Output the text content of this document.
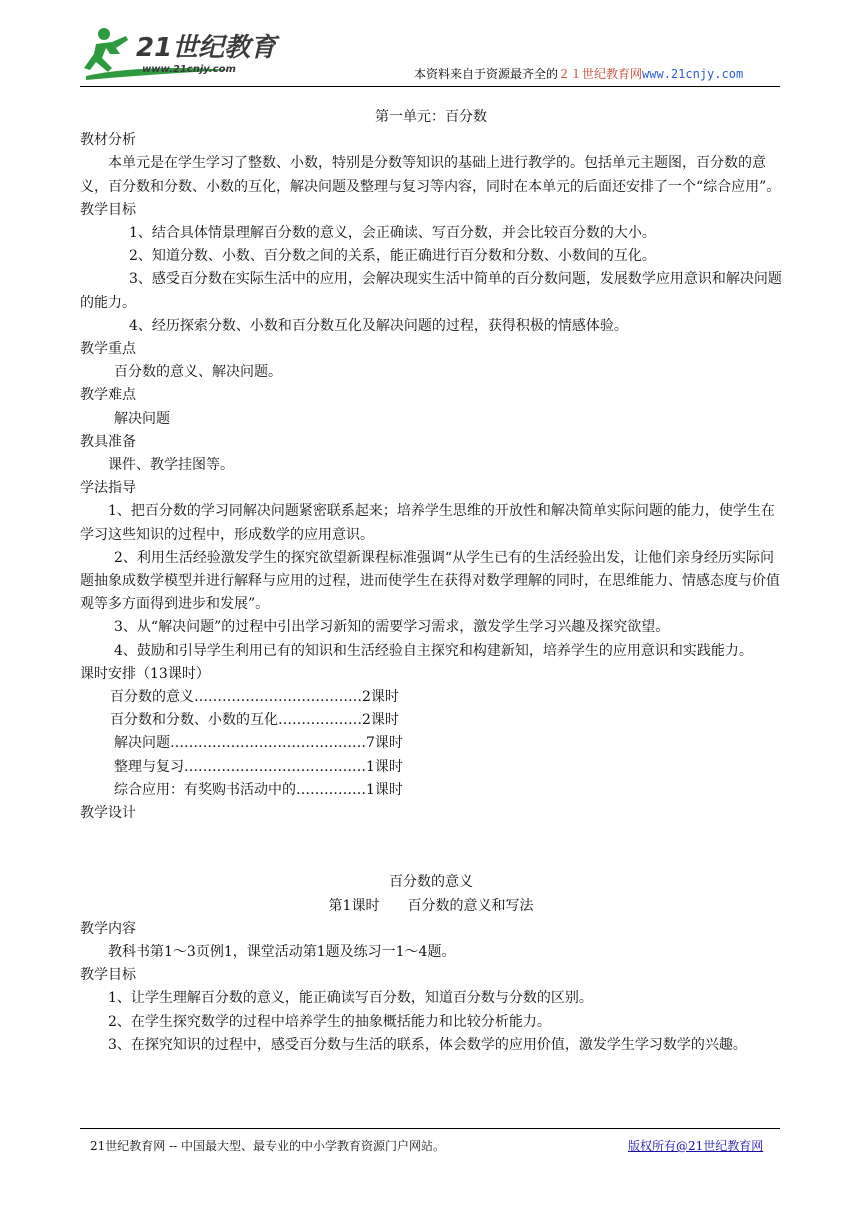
21世纪教育
www.21cnjy.com	本资料来自于资源最齐全的２１世纪教育网www.21cnjy.com

第一单元：百分数

教材分析

本单元是在学生学习了整数、小数，特别是分数等知识的基础上进行教学的。包括单元主题图，百分数的意义，百分数和分数、小数的互化，解决问题及整理与复习等内容，同时在本单元的后面还安排了一个“综合应用”。

教学目标

1、结合具体情景理解百分数的意义，会正确读、写百分数，并会比较百分数的大小。

2、知道分数、小数、百分数之间的关系，能正确进行百分数和分数、小数间的互化。

3、感受百分数在实际生活中的应用，会解决现实生活中简单的百分数问题，发展数学应用意识和解决问题的能力。

4、经历探索分数、小数和百分数互化及解决问题的过程，获得积极的情感体验。

教学重点

百分数的意义、解决问题。

教学难点

解决问题

教具准备

课件、教学挂图等。

学法指导

1、把百分数的学习同解决问题紧密联系起来；培养学生思维的开放性和解决简单实际问题的能力，使学生在学习这些知识的过程中，形成数学的应用意识。

2、利用生活经验激发学生的探究欲望新课程标准强调“从学生已有的生活经验出发，让他们亲身经历实际问题抽象成数学模型并进行解释与应用的过程，进而使学生在获得对数学理解的同时，在思维能力、情感态度与价值观等多方面得到进步和发展”。

3、从“解决问题”的过程中引出学习新知的需要学习需求，激发学生学习兴趣及探究欲望。

4、鼓励和引导学生利用已有的知识和生活经验自主探究和构建新知，培养学生的应用意识和实践能力。

课时安排（13课时）

百分数的意义………………………………2课时

百分数和分数、小数的互化………………2课时

解决问题……………………………………7课时

整理与复习…………………………………1课时

综合应用：有奖购书活动中的……………1课时

教学设计

百分数的意义

第1课时　　百分数的意义和写法

教学内容

教科书第1～3页例1，课堂活动第1题及练习一1～4题。

教学目标

1、让学生理解百分数的意义，能正确读写百分数，知道百分数与分数的区别。

2、在学生探究数学的过程中培养学生的抽象概括能力和比较分析能力。

3、在探究知识的过程中，感受百分数与生活的联系，体会数学的应用价值，激发学生学习数学的兴趣。

21世纪教育网 -- 中国最大型、最专业的中小学教育资源门户网站。	版权所有@21世纪教育网
